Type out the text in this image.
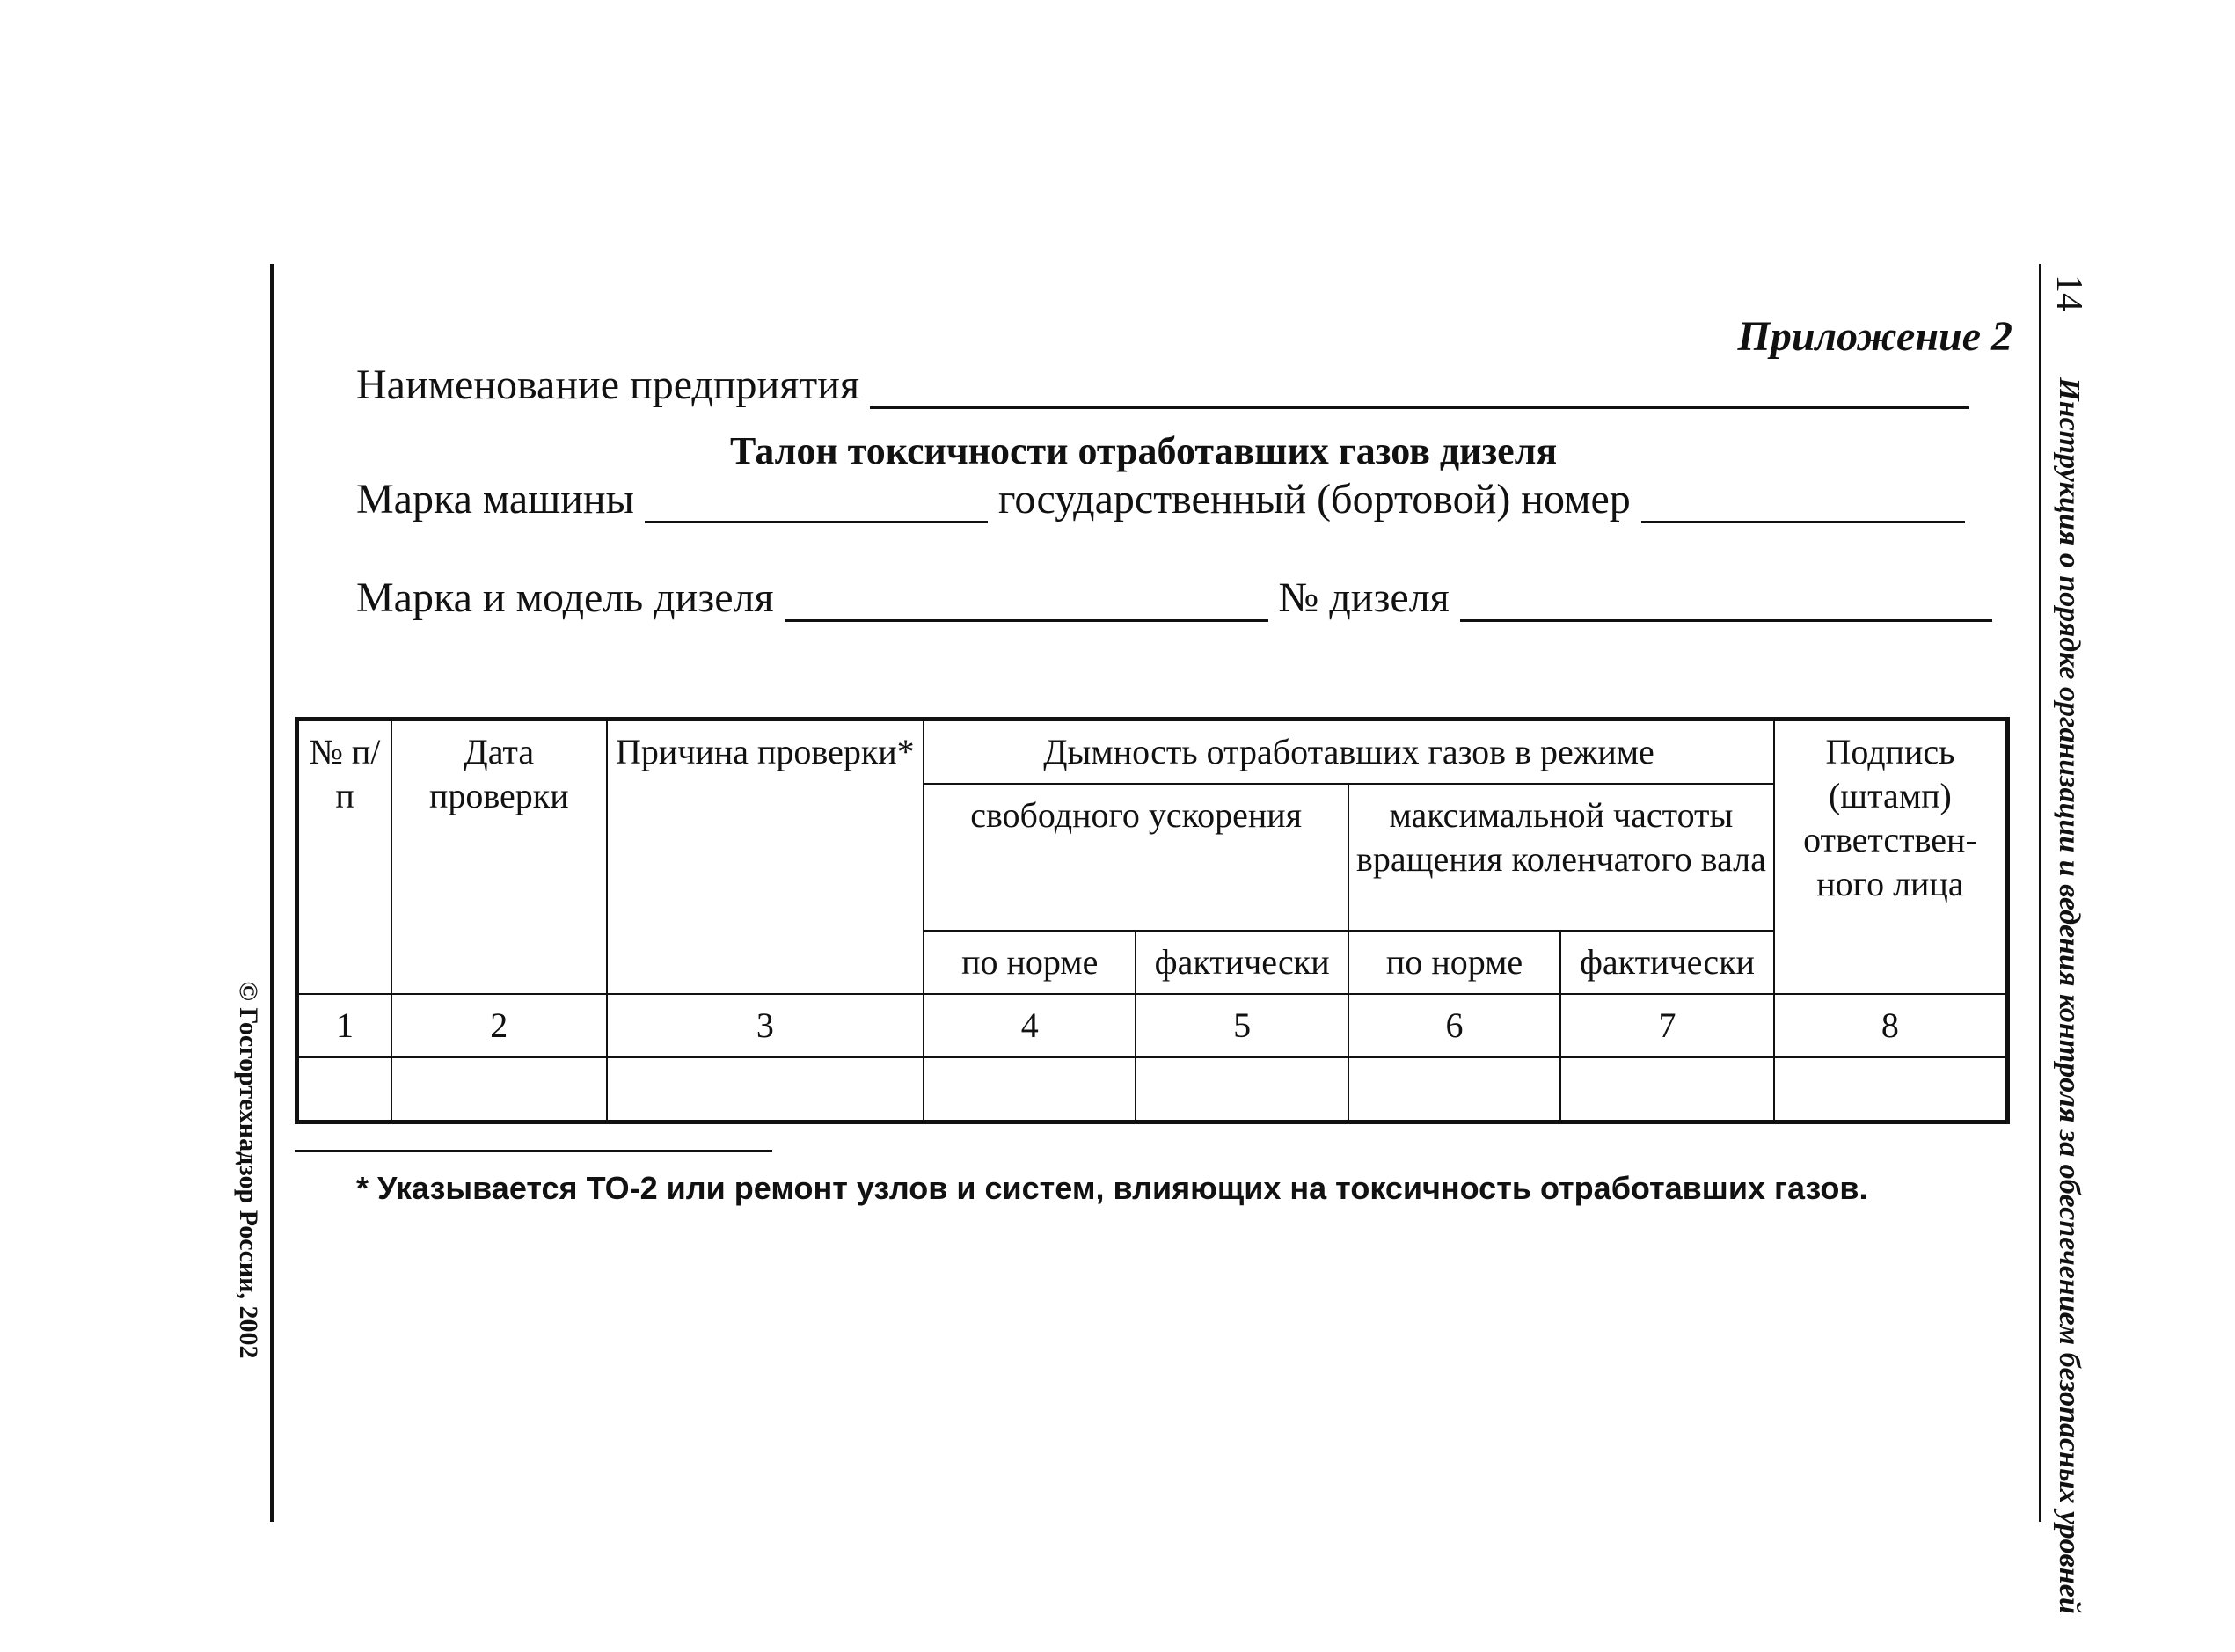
© Госгортехнадзор России, 2002
14
Инструкция о порядке организации и ведения контроля за обеспечением безопасных уровней
Приложение 2
Наименование предприятия
Талон токсичности отработавших газов дизеля
Марка машины	государственный (бортовой) номер
Марка и модель дизеля	№ дизеля
№ п/п	Дата проверки	Причина проверки*	Дымность отработавших газов в режиме				Подпись (штамп) ответствен-ного лица
			свободного ускорения		максимальной частоты вращения коленчатого вала		
			по норме	фактически	по норме	фактически	
1	2	3	4	5	6	7	8

* Указывается ТО-2 или ремонт узлов и систем, влияющих на токсичность отработавших газов.
